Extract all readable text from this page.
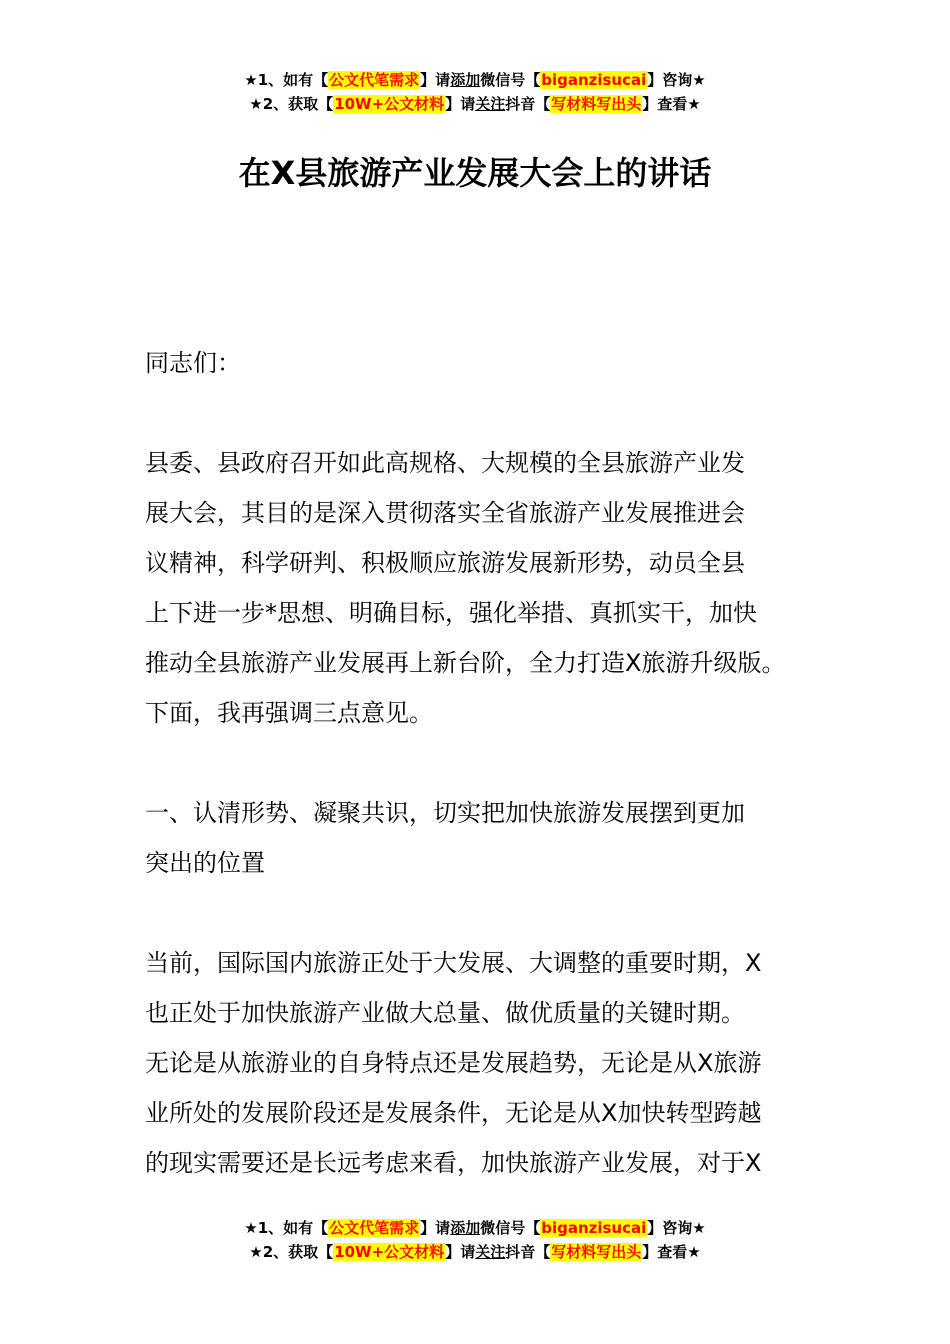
★1、如有【公文代笔需求】请添加微信号【biganzisucai】咨询★
★2、获取【10W+公文材料】请关注抖音【写材料写出头】查看★
在X县旅游产业发展大会上的讲话
同志们：
县委、县政府召开如此高规格、大规模的全县旅游产业发
展大会，其目的是深入贯彻落实全省旅游产业发展推进会
议精神，科学研判、积极顺应旅游发展新形势，动员全县
上下进一步*思想、明确目标，强化举措、真抓实干，加快
推动全县旅游产业发展再上新台阶，全力打造X旅游升级版。
下面，我再强调三点意见。
一、认清形势、凝聚共识，切实把加快旅游发展摆到更加
突出的位置
当前，国际国内旅游正处于大发展、大调整的重要时期，X
也正处于加快旅游产业做大总量、做优质量的关键时期。
无论是从旅游业的自身特点还是发展趋势，无论是从X旅游
业所处的发展阶段还是发展条件，无论是从X加快转型跨越
的现实需要还是长远考虑来看，加快旅游产业发展，对于X
★1、如有【公文代笔需求】请添加微信号【biganzisucai】咨询★
★2、获取【10W+公文材料】请关注抖音【写材料写出头】查看★
